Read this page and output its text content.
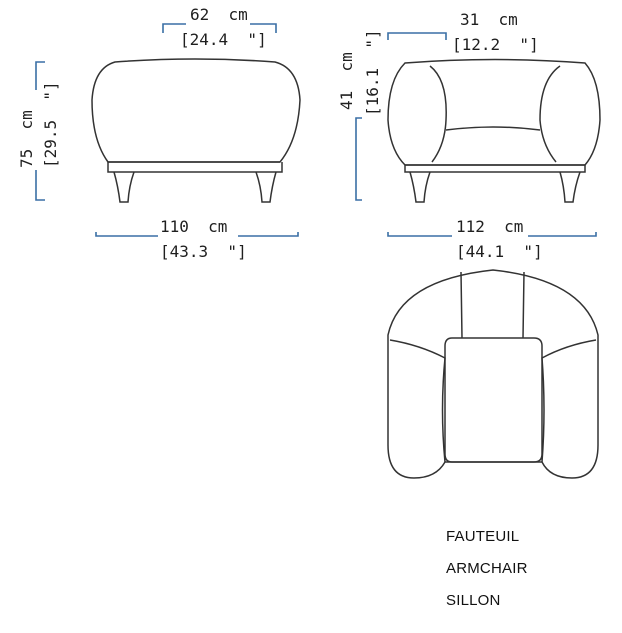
62  cm
[24.4  "]
75  cm [29.5  "]
110  cm
[43.3  "]
31  cm
[12.2  "]
41  cm [16.1  "]
112  cm
[44.1  "]
FAUTEUIL
ARMCHAIR
SILLON
